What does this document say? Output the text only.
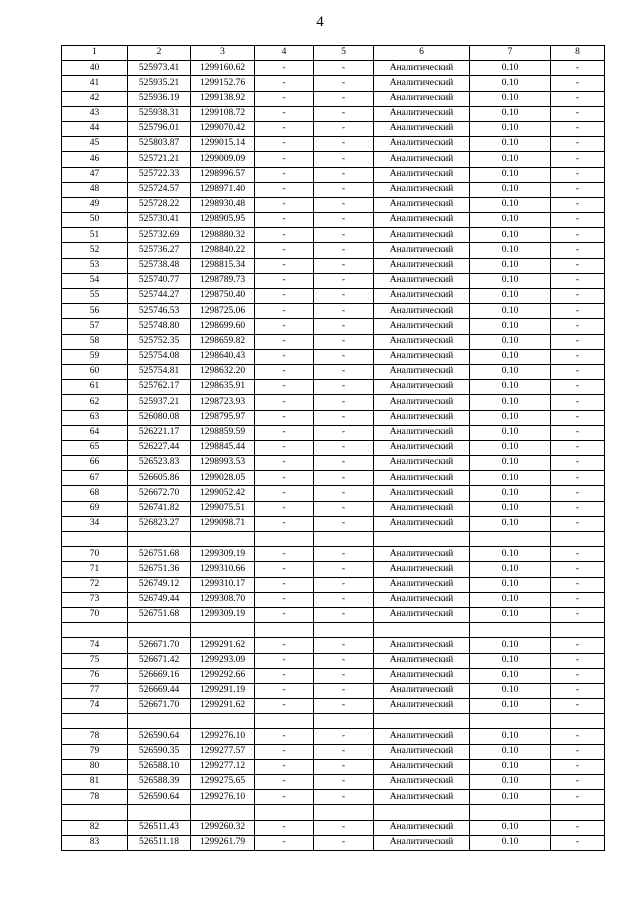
4
1	2	3	4	5	6	7	8
40	525973.41	1299160.62	-	-	Аналитический	0.10	-
41	525935.21	1299152.76	-	-	Аналитический	0.10	-
42	525936.19	1299138.92	-	-	Аналитический	0.10	-
43	525938.31	1299108.72	-	-	Аналитический	0.10	-
44	525796.01	1299070.42	-	-	Аналитический	0.10	-
45	525803.87	1299015.14	-	-	Аналитический	0.10	-
46	525721.21	1299009.09	-	-	Аналитический	0.10	-
47	525722.33	1298996.57	-	-	Аналитический	0.10	-
48	525724.57	1298971.40	-	-	Аналитический	0.10	-
49	525728.22	1298930.48	-	-	Аналитический	0.10	-
50	525730.41	1298905.95	-	-	Аналитический	0.10	-
51	525732.69	1298880.32	-	-	Аналитический	0.10	-
52	525736.27	1298840.22	-	-	Аналитический	0.10	-
53	525738.48	1298815.34	-	-	Аналитический	0.10	-
54	525740.77	1298789.73	-	-	Аналитический	0.10	-
55	525744.27	1298750.40	-	-	Аналитический	0.10	-
56	525746.53	1298725.06	-	-	Аналитический	0.10	-
57	525748.80	1298699.60	-	-	Аналитический	0.10	-
58	525752.35	1298659.82	-	-	Аналитический	0.10	-
59	525754.08	1298640.43	-	-	Аналитический	0.10	-
60	525754.81	1298632.20	-	-	Аналитический	0.10	-
61	525762.17	1298635.91	-	-	Аналитический	0.10	-
62	525937.21	1298723.93	-	-	Аналитический	0.10	-
63	526080.08	1298795.97	-	-	Аналитический	0.10	-
64	526221.17	1298859.59	-	-	Аналитический	0.10	-
65	526227.44	1298845.44	-	-	Аналитический	0.10	-
66	526523.83	1298993.53	-	-	Аналитический	0.10	-
67	526605.86	1299028.05	-	-	Аналитический	0.10	-
68	526672.70	1299052.42	-	-	Аналитический	0.10	-
69	526741.82	1299075.51	-	-	Аналитический	0.10	-
34	526823.27	1299098.71	-	-	Аналитический	0.10	-

70	526751.68	1299309.19	-	-	Аналитический	0.10	-
71	526751.36	1299310.66	-	-	Аналитический	0.10	-
72	526749.12	1299310.17	-	-	Аналитический	0.10	-
73	526749.44	1299308.70	-	-	Аналитический	0.10	-
70	526751.68	1299309.19	-	-	Аналитический	0.10	-

74	526671.70	1299291.62	-	-	Аналитический	0.10	-
75	526671.42	1299293.09	-	-	Аналитический	0.10	-
76	526669.16	1299292.66	-	-	Аналитический	0.10	-
77	526669.44	1299291.19	-	-	Аналитический	0.10	-
74	526671.70	1299291.62	-	-	Аналитический	0.10	-

78	526590.64	1299276.10	-	-	Аналитический	0.10	-
79	526590.35	1299277.57	-	-	Аналитический	0.10	-
80	526588.10	1299277.12	-	-	Аналитический	0.10	-
81	526588.39	1299275.65	-	-	Аналитический	0.10	-
78	526590.64	1299276.10	-	-	Аналитический	0.10	-

82	526511.43	1299260.32	-	-	Аналитический	0.10	-
83	526511.18	1299261.79	-	-	Аналитический	0.10	-
